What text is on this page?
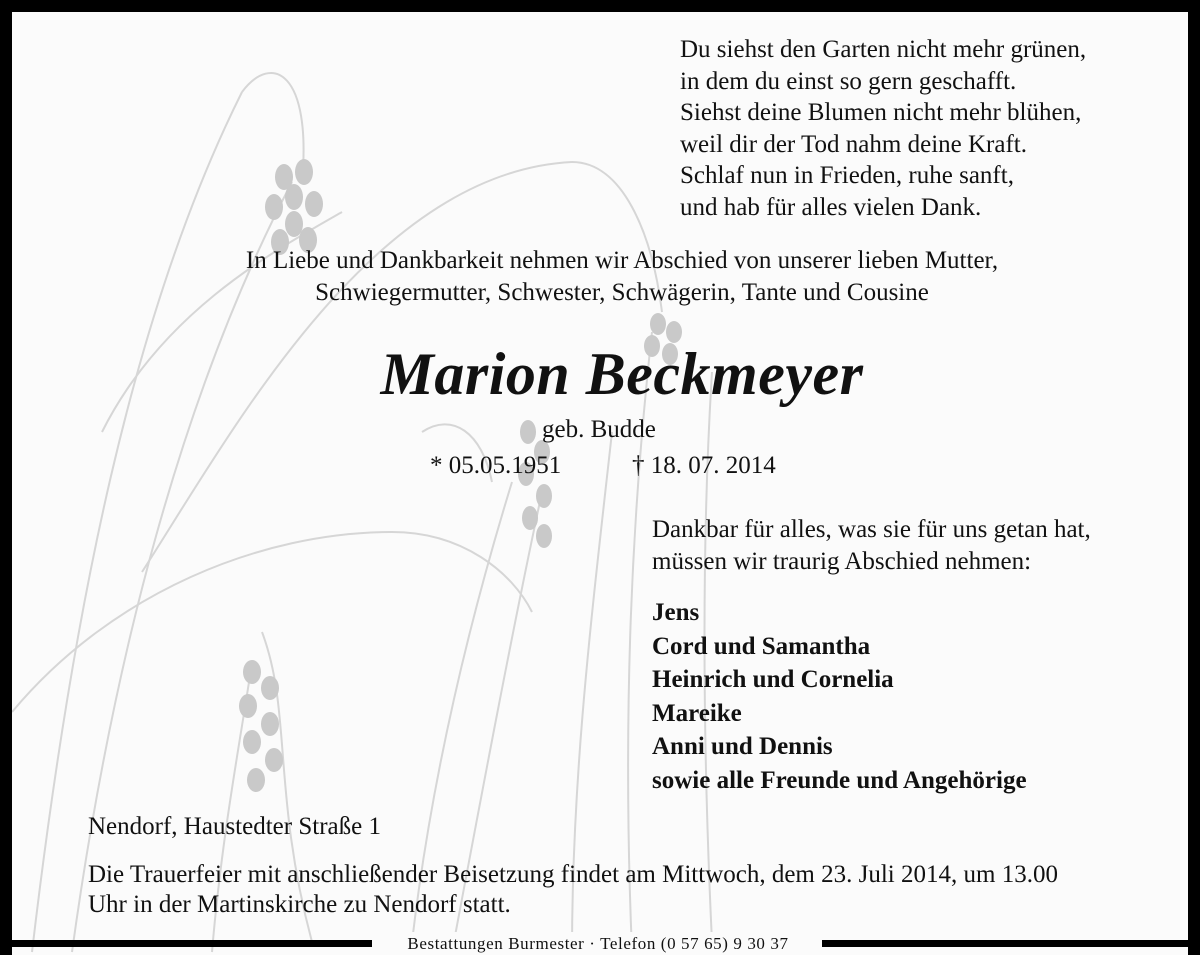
Du siehst den Garten nicht mehr grünen,
in dem du einst so gern geschafft.
Siehst deine Blumen nicht mehr blühen,
weil dir der Tod nahm deine Kraft.
Schlaf nun in Frieden, ruhe sanft,
und hab für alles vielen Dank.
In Liebe und Dankbarkeit nehmen wir Abschied von unserer lieben Mutter,
Schwiegermutter, Schwester, Schwägerin, Tante und Cousine
Marion Beckmeyer
geb. Budde
* 05.05.1951	† 18. 07. 2014
Dankbar für alles, was sie für uns getan hat,
müssen wir traurig Abschied nehmen:
Jens
Cord und Samantha
Heinrich und Cornelia
Mareike
Anni und Dennis
sowie alle Freunde und Angehörige
Nendorf, Haustedter Straße 1
Die Trauerfeier mit anschließender Beisetzung findet am Mittwoch, dem 23. Juli 2014, um 13.00
Uhr in der Martinskirche zu Nendorf statt.
Bestattungen Burmester · Telefon (0 57 65) 9 30 37
